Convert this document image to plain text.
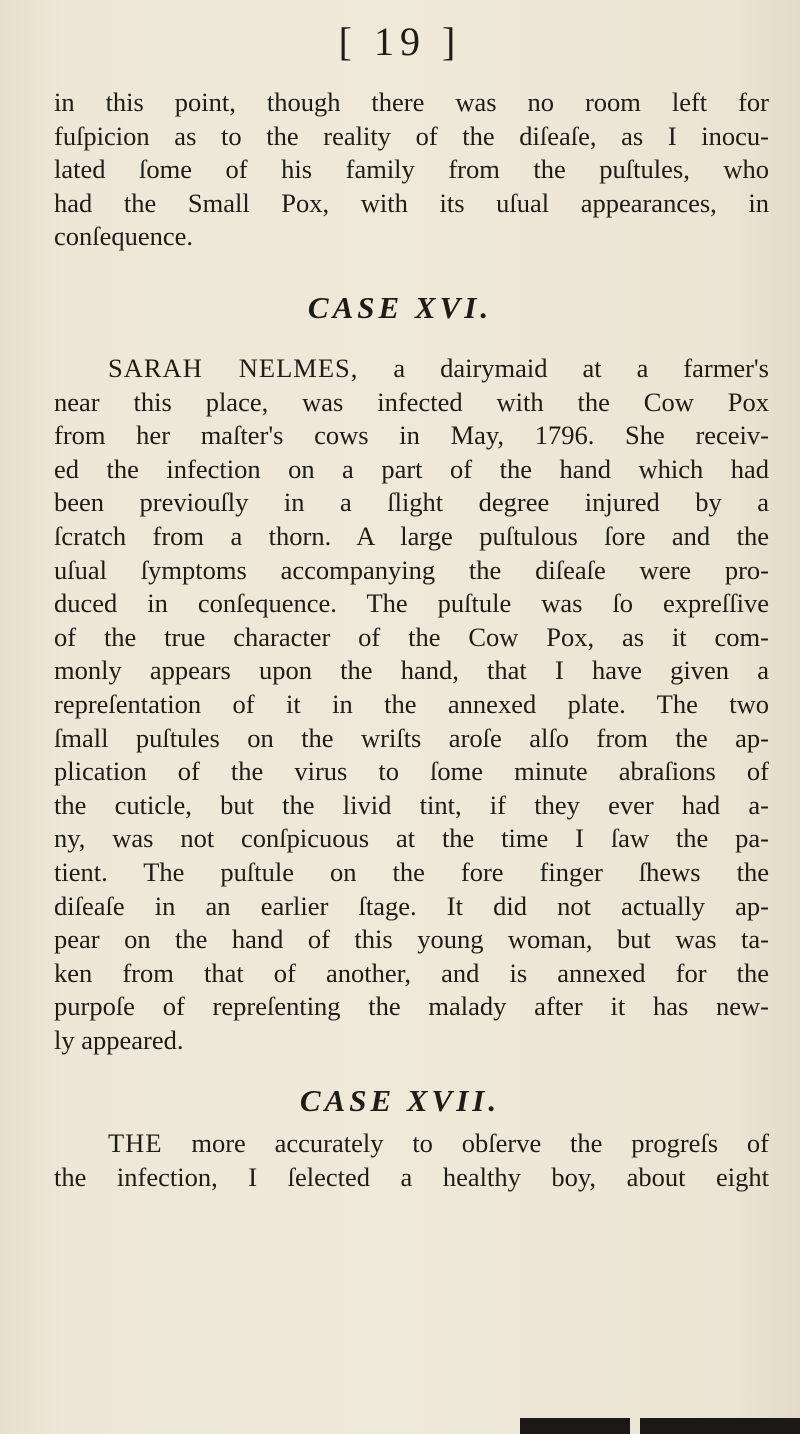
[ 19 ]
in this point, though there was no room left for
fuſpicion as to the reality of the diſeaſe, as I inocu-
lated ſome of his family from the puſtules, who
had the Small Pox, with its uſual appearances, in
conſequence.
CASE XVI.
SARAH NELMES, a dairymaid at a farmer's
near this place, was infected with the Cow Pox
from her maſter's cows in May, 1796. She receiv-
ed the infection on a part of the hand which had
been previouſly in a ſlight degree injured by a
ſcratch from a thorn. A large puſtulous ſore and the
uſual ſymptoms accompanying the diſeaſe were pro-
duced in conſequence. The puſtule was ſo expreſſive
of the true character of the Cow Pox, as it com-
monly appears upon the hand, that I have given a
repreſentation of it in the annexed plate. The two
ſmall puſtules on the wriſts aroſe alſo from the ap-
plication of the virus to ſome minute abraſions of
the cuticle, but the livid tint, if they ever had a-
ny, was not conſpicuous at the time I ſaw the pa-
tient. The puſtule on the fore finger ſhews the
diſeaſe in an earlier ſtage. It did not actually ap-
pear on the hand of this young woman, but was ta-
ken from that of another, and is annexed for the
purpoſe of repreſenting the malady after it has new-
ly appeared.
CASE XVII.
THE more accurately to obſerve the progreſs of
the infection, I ſelected a healthy boy, about eight
